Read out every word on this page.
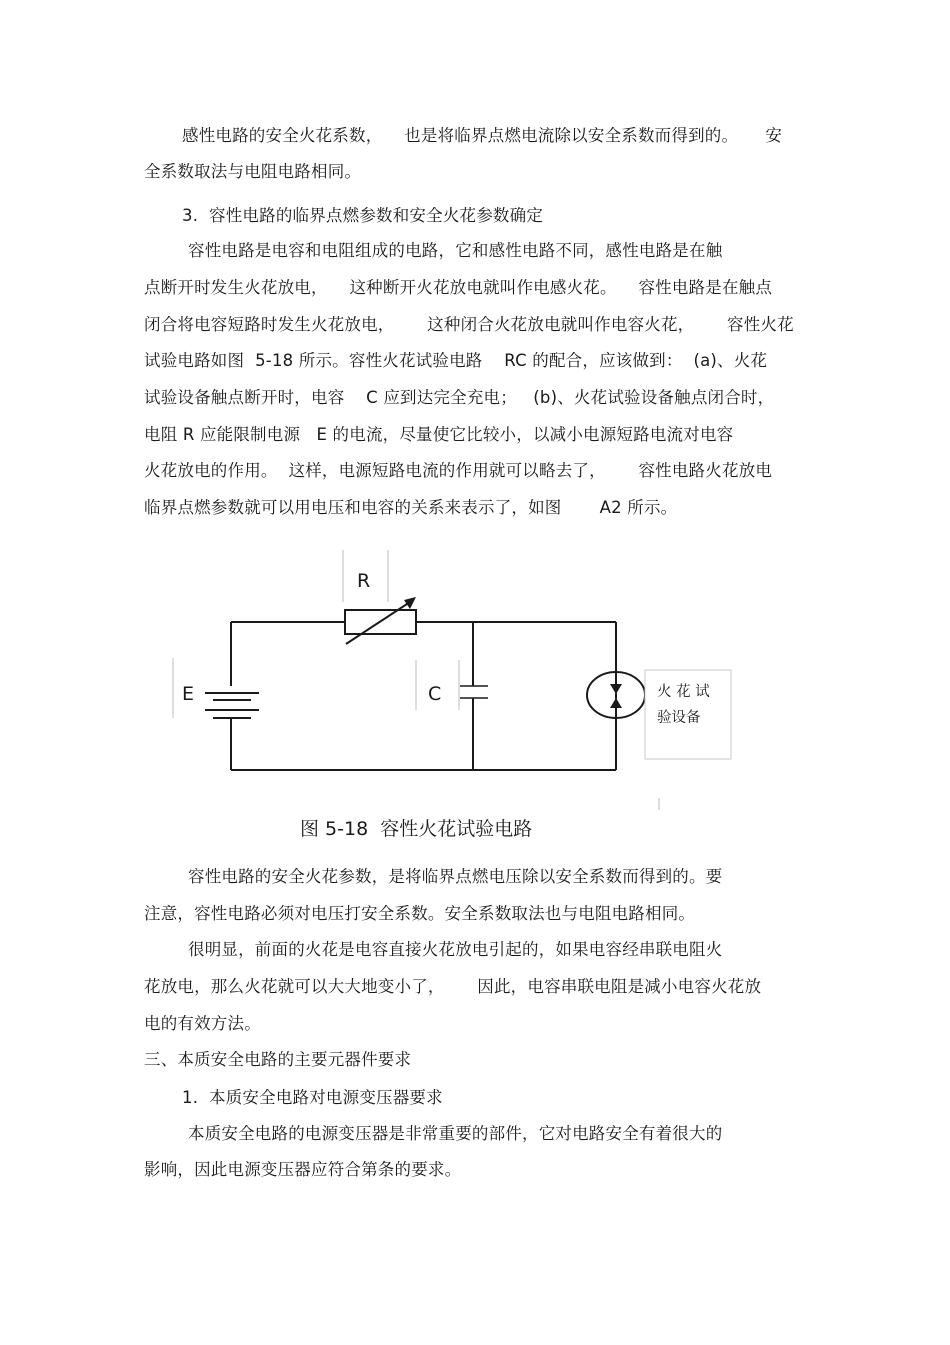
感性电路的安全火花系数，    也是将临界点燃电流除以安全系数而得到的。     安
全系数取法与电阻电路相同。
3.  容性电路的临界点燃参数和安全火花参数确定
容性电路是电容和电阻组成的电路，它和感性电路不同，感性电路是在触
点断开时发生火花放电，    这种断开火花放电就叫作电感火花。    容性电路是在触点
闭合将电容短路时发生火花放电，      这种闭合火花放电就叫作电容火花，      容性火花
试验电路如图  5-18 所示。容性火花试验电路    RC 的配合，应该做到：  (a)、火花
试验设备触点断开时，电容    C 应到达完全充电；   (b)、火花试验设备触点闭合时，
电阻 R 应能限制电源   E 的电流，尽量使它比较小，以减小电源短路电流对电容
火花放电的作用。  这样，电源短路电流的作用就可以略去了，      容性电路火花放电
临界点燃参数就可以用电压和电容的关系来表示了，如图       A2 所示。
R
E	C	火 花 试
验设备
图 5-18  容性火花试验电路
容性电路的安全火花参数，是将临界点燃电压除以安全系数而得到的。要
注意，容性电路必须对电压打安全系数。安全系数取法也与电阻电路相同。
很明显，前面的火花是电容直接火花放电引起的，如果电容经串联电阻火
花放电，那么火花就可以大大地变小了，      因此，电容串联电阻是减小电容火花放
电的有效方法。
三、本质安全电路的主要元器件要求
1.  本质安全电路对电源变压器要求
本质安全电路的电源变压器是非常重要的部件，它对电路安全有着很大的
影响，因此电源变压器应符合第条的要求。
